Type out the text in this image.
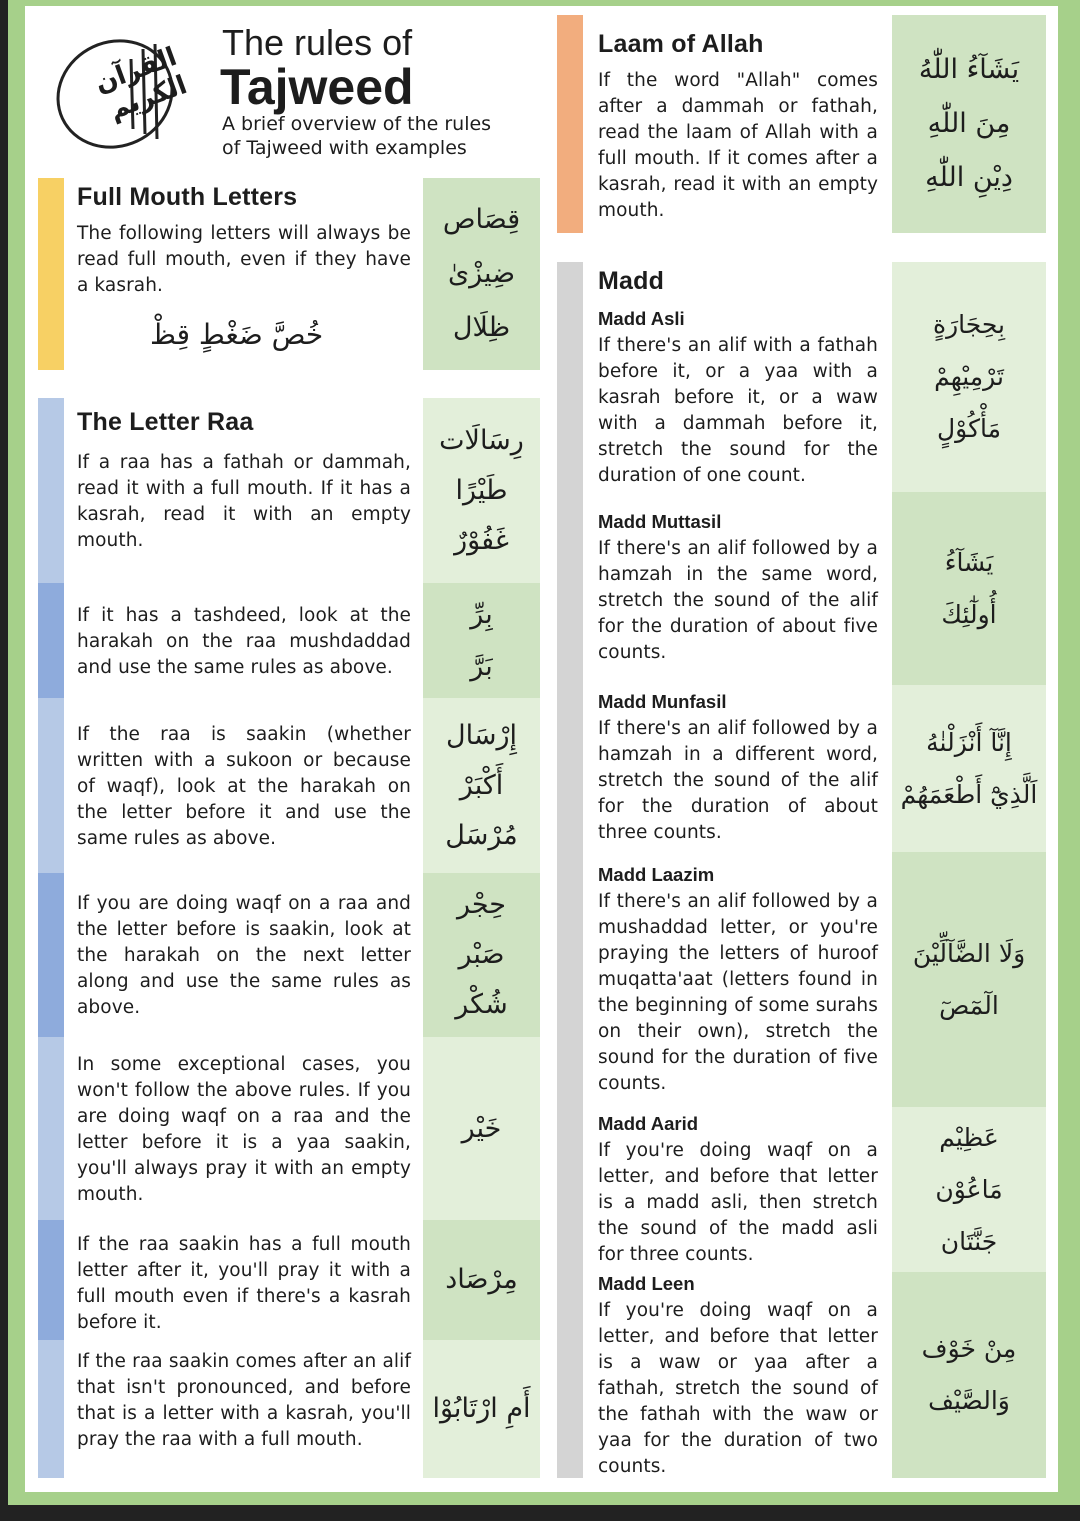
القرآن الكريم
The rules of
Tajweed
A brief overview of the rules of Tajweed with examples
Full Mouth Letters
The following letters will always be read full mouth, even if they have a kasrah.
خُصَّ ضَغْطٍ قِظْ
قِصَاص
ضِيزْىٰ
ظِلَال
The Letter Raa
If a raa has a fathah or dammah, read it with a full mouth. If it has a kasrah, read it with an empty mouth.
رِسَالَات
طَيْرًا
غَفُوْرٌ
If it has a tashdeed, look at the harakah on the raa mushdaddad and use the same rules as above.
بِرِّ
بَرَّ
If the raa is saakin (whether written with a sukoon or because of waqf), look at the harakah on the letter before it and use the same rules as above.
إِرْسَال
أَكْبَرْ
مُرْسَل
If you are doing waqf on a raa and the letter before is saakin, look at the harakah on the next letter along and use the same rules as above.
حِجْر
صَبْر
شُكْر
In some exceptional cases, you won't follow the above rules. If you are doing waqf on a raa and the letter before it is a yaa saakin, you'll always pray it with an empty mouth.
خَيْر
If the raa saakin has a full mouth letter after it, you'll pray it with a full mouth even if there's a kasrah before it.
مِرْصَاد
If the raa saakin comes after an alif that isn't pronounced, and before that is a letter with a kasrah, you'll pray the raa with a full mouth.
أَمِ ارْتَابُوْا
Laam of Allah
If the word "Allah" comes after a dammah or fathah, read the laam of Allah with a full mouth. If it comes after a kasrah, read it with an empty mouth.
يَشَآءُ اللّٰهُ
مِنَ اللّٰهِ
دِيْنِ اللّٰهِ
Madd
Madd Asli
If there's an alif with a fathah before it, or a yaa with a kasrah before it, or a waw with a dammah before it, stretch the sound for the duration of one count.
بِحِجَارَةٍ
تَرْمِيْهِمْ
مَأْكُوْلٍ
Madd Muttasil
If there's an alif followed by a hamzah in the same word, stretch the sound of the alif for the duration of about five counts.
يَشَآءُ
أُولٰٓئِكَ
Madd Munfasil
If there's an alif followed by a hamzah in a different word, stretch the sound of the alif for the duration of about three counts.
إِنَّآ أَنْزَلْنٰهُ
اَلَّذِيْٓ أَطْعَمَهُمْ
Madd Laazim
If there's an alif followed by a mushaddad letter, or you're praying the letters of huroof muqatta'aat (letters found in the beginning of some surahs on their own), stretch the sound for the duration of five counts.
وَلَا الضَّآلِّيْنَ
الٓمٓصٓ
Madd Aarid
If you're doing waqf on a letter, and before that letter is a madd asli, then stretch the sound of the madd asli for three counts.
عَظِيْم
مَاعُوْن
جَنَّتَان
Madd Leen
If you're doing waqf on a letter, and before that letter is a waw or yaa after a fathah, stretch the sound of the fathah with the waw or yaa for the duration of two counts.
مِنْ خَوْف
وَالصَّيْف
